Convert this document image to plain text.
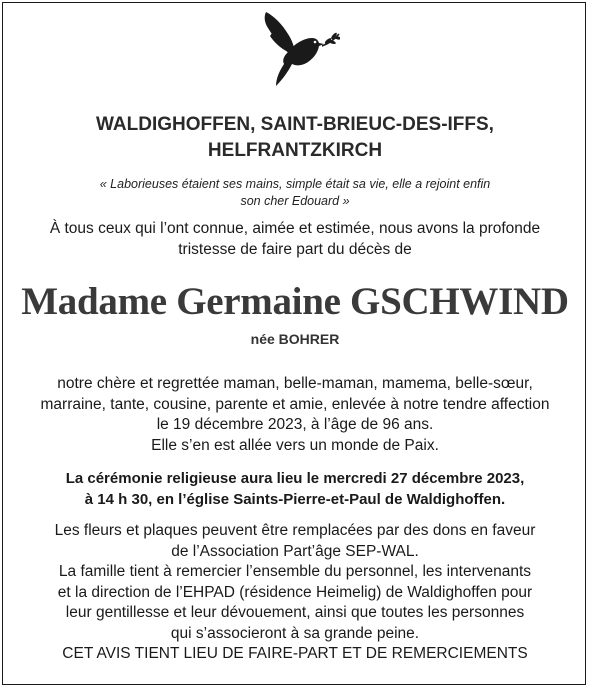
WALDIGHOFFEN, SAINT-BRIEUC-DES-IFFS,
HELFRANTZKIRCH
« Laborieuses étaient ses mains, simple était sa vie, elle a rejoint enfin
son cher Edouard »
À tous ceux qui l’ont connue, aimée et estimée, nous avons la profonde
tristesse de faire part du décès de
Madame Germaine GSCHWIND
née BOHRER
notre chère et regrettée maman, belle-maman, mamema, belle-sœur,
marraine, tante, cousine, parente et amie, enlevée à notre tendre affection
le 19 décembre 2023, à l’âge de 96 ans.
Elle s’en est allée vers un monde de Paix.
La cérémonie religieuse aura lieu le mercredi 27 décembre 2023,
à 14 h 30, en l’église Saints-Pierre-et-Paul de Waldighoffen.
Les fleurs et plaques peuvent être remplacées par des dons en faveur
de l’Association Part’âge SEP-WAL.
La famille tient à remercier l’ensemble du personnel, les intervenants
et la direction de l’EHPAD (résidence Heimelig) de Waldighoffen pour
leur gentillesse et leur dévouement, ainsi que toutes les personnes
qui s’associeront à sa grande peine.
CET AVIS TIENT LIEU DE FAIRE-PART ET DE REMERCIEMENTS
